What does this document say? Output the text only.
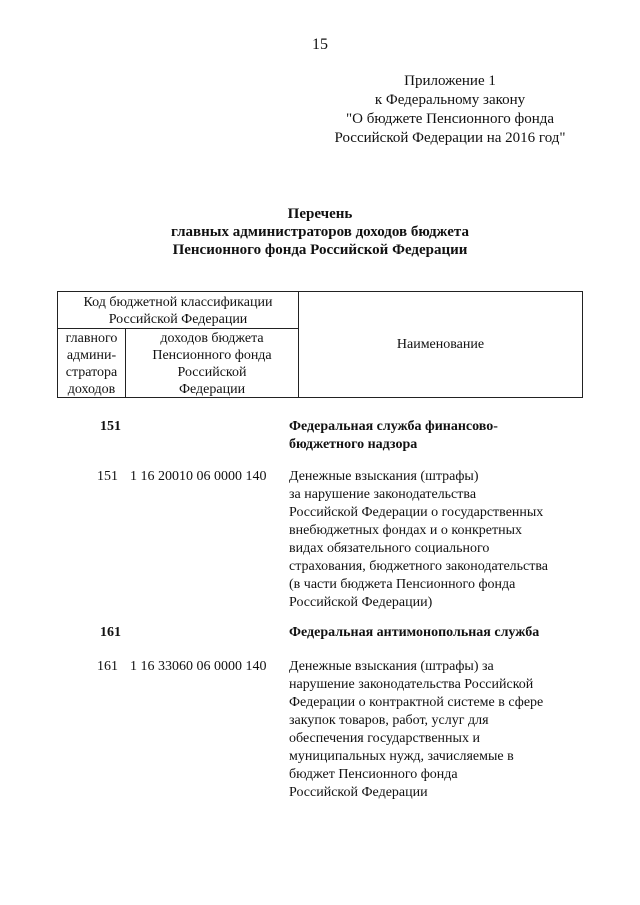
15
Приложение 1
к Федеральному закону
"О бюджете Пенсионного фонда
Российской Федерации на 2016 год"
Перечень
главных администраторов доходов бюджета
Пенсионного фонда Российской Федерации
Код бюджетной классификации
Российской Федерации
главного
админи-
стратора
доходов
доходов бюджета
Пенсионного фонда
Российской
Федерации
Наименование
151	Федеральная служба финансово-
бюджетного надзора
151 1 16 20010 06 0000 140 Денежные взыскания (штрафы)
за нарушение законодательства
Российской Федерации о государственных
внебюджетных фондах и о конкретных
видах обязательного социального
страхования, бюджетного законодательства
(в части бюджета Пенсионного фонда
Российской Федерации)
161	Федеральная антимонопольная служба
161 1 16 33060 06 0000 140 Денежные взыскания (штрафы) за
нарушение законодательства Российской
Федерации о контрактной системе в сфере
закупок товаров, работ, услуг для
обеспечения государственных и
муниципальных нужд, зачисляемые в
бюджет Пенсионного фонда
Российской Федерации
